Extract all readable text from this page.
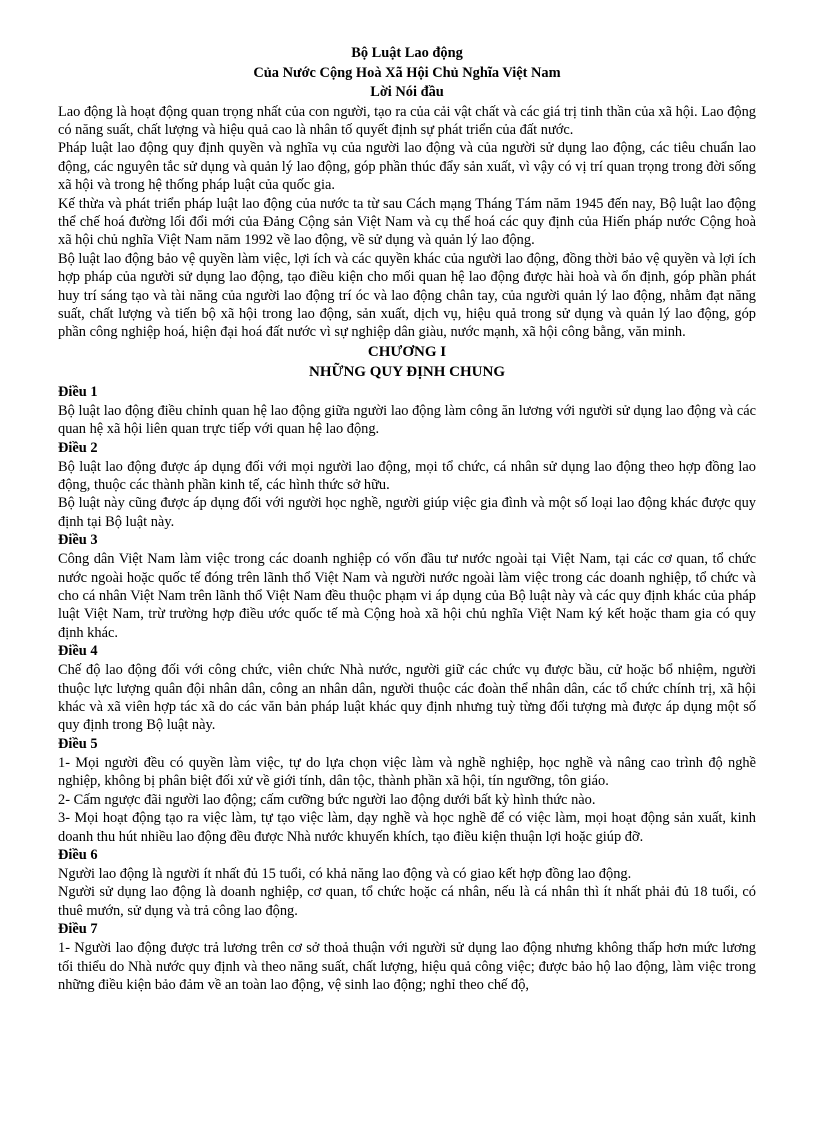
Bộ Luật Lao động

Của Nước Cộng Hoà Xã Hội Chủ Nghĩa Việt Nam

Lời Nói đầu

Lao động là hoạt động quan trọng nhất của con người, tạo ra của cải vật chất và các giá trị tinh thần của xã hội. Lao động có năng suất, chất lượng và hiệu quả cao là nhân tố quyết định sự phát triển của đất nước.

Pháp luật lao động quy định quyền và nghĩa vụ của người lao động và của người sử dụng lao động, các tiêu chuẩn lao động, các nguyên tắc sử dụng và quản lý lao động, góp phần thúc đẩy sản xuất, vì vậy có vị trí quan trọng trong đời sống xã hội và trong hệ thống pháp luật của quốc gia.

Kế thừa và phát triển pháp luật lao động của nước ta từ sau Cách mạng Tháng Tám năm 1945 đến nay, Bộ luật lao động thể chế hoá đường lối đổi mới của Đảng Cộng sản Việt Nam và cụ thể hoá các quy định của Hiến pháp nước Cộng hoà xã hội chủ nghĩa Việt Nam năm 1992 về lao động, về sử dụng và quản lý lao động.

Bộ luật lao động bảo vệ quyền làm việc, lợi ích và các quyền khác của người lao động, đồng thời bảo vệ quyền và lợi ích hợp pháp của người sử dụng lao động, tạo điều kiện cho mối quan hệ lao động được hài hoà và ổn định, góp phần phát huy trí sáng tạo và tài năng của người lao động trí óc và lao động chân tay, của người quản lý lao động, nhằm đạt năng suất, chất lượng và tiến bộ xã hội trong lao động, sản xuất, dịch vụ, hiệu quả trong sử dụng và quản lý lao động, góp phần công nghiệp hoá, hiện đại hoá đất nước vì sự nghiệp dân giàu, nước mạnh, xã hội công bằng, văn minh.

CHƯƠNG I

NHỮNG QUY ĐỊNH CHUNG

Điều 1

Bộ luật lao động điều chỉnh quan hệ lao động giữa người lao động làm công ăn lương với người sử dụng lao động và các quan hệ xã hội liên quan trực tiếp với quan hệ lao động.

Điều 2

Bộ luật lao động được áp dụng đối với mọi người lao động, mọi tổ chức, cá nhân sử dụng lao động theo hợp đồng lao động, thuộc các thành phần kinh tế, các hình thức sở hữu.

Bộ luật này cũng được áp dụng đối với người học nghề, người giúp việc gia đình và một số loại lao động khác được quy định tại Bộ luật này.

Điều 3

Công dân Việt Nam làm việc trong các doanh nghiệp có vốn đầu tư nước ngoài tại Việt Nam, tại các cơ quan, tổ chức nước ngoài hoặc quốc tế đóng trên lãnh thổ Việt Nam và người nước ngoài làm việc trong các doanh nghiệp, tổ chức và cho cá nhân Việt Nam trên lãnh thổ Việt Nam đều thuộc phạm vi áp dụng của Bộ luật này và các quy định khác của pháp luật Việt Nam, trừ trường hợp điều ước quốc tế mà Cộng hoà xã hội chủ nghĩa Việt Nam ký kết hoặc tham gia có quy định khác.

Điều 4

Chế độ lao động đối với công chức, viên chức Nhà nước, người giữ các chức vụ được bầu, cử hoặc bổ nhiệm, người thuộc lực lượng quân đội nhân dân, công an nhân dân, người thuộc các đoàn thể nhân dân, các tổ chức chính trị, xã hội khác và xã viên hợp tác xã do các văn bản pháp luật khác quy định nhưng tuỳ từng đối tượng mà được áp dụng một số quy định trong Bộ luật này.

Điều 5

1- Mọi người đều có quyền làm việc, tự do lựa chọn việc làm và nghề nghiệp, học nghề và nâng cao trình độ nghề nghiệp, không bị phân biệt đối xử về giới tính, dân tộc, thành phần xã hội, tín ngưỡng, tôn giáo.

2- Cấm ngược đãi người lao động; cấm cưỡng bức người lao động dưới bất kỳ hình thức nào.

3- Mọi hoạt động tạo ra việc làm, tự tạo việc làm, dạy nghề và học nghề để có việc làm, mọi hoạt động sản xuất, kinh doanh thu hút nhiều lao động đều được Nhà nước khuyến khích, tạo điều kiện thuận lợi hoặc giúp đỡ.

Điều 6

Người lao động là người ít nhất đủ 15 tuổi, có khả năng lao động và có giao kết hợp đồng lao động.

Người sử dụng lao động là doanh nghiệp, cơ quan, tổ chức hoặc cá nhân, nếu là cá nhân thì ít nhất phải đủ 18 tuổi, có thuê mướn, sử dụng và trả công lao động.

Điều 7

1- Người lao động được trả lương trên cơ sở thoả thuận với người sử dụng lao động nhưng không thấp hơn mức lương tối thiểu do Nhà nước quy định và theo năng suất, chất lượng, hiệu quả công việc; được bảo hộ lao động, làm việc trong những điều kiện bảo đảm về an toàn lao động, vệ sinh lao động; nghỉ theo chế độ,
